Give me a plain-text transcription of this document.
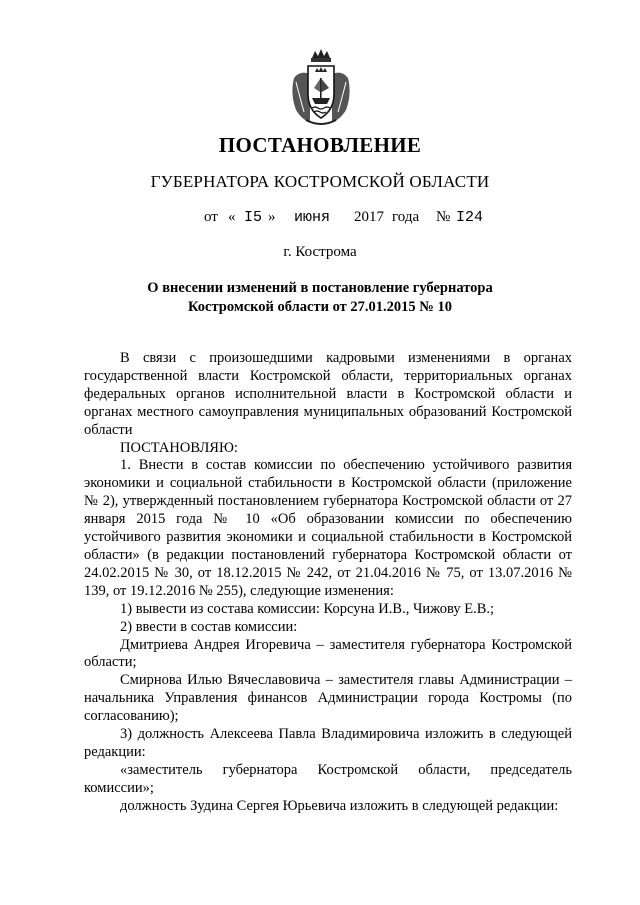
ПОСТАНОВЛЕНИЕ
ГУБЕРНАТОРА КОСТРОМСКОЙ ОБЛАСТИ
от « I5 » июня 2017 года № I24
г. Кострома
О внесении изменений в постановление губернатора
Костромской области от 27.01.2015 № 10

В связи с произошедшими кадровыми изменениями в органах государственной власти Костромской области, территориальных органах федеральных органов исполнительной власти в Костромской области и органах местного самоуправления муниципальных образований Костромской области

ПОСТАНОВЛЯЮ:

1. Внести в состав комиссии по обеспечению устойчивого развития экономики и социальной стабильности в Костромской области (приложение № 2), утвержденный постановлением губернатора Костромской области от 27 января 2015 года № 10 «Об образовании комиссии по обеспечению устойчивого развития экономики и социальной стабильности в Костромской области» (в редакции постановлений губернатора Костромской области от 24.02.2015 № 30, от 18.12.2015 № 242, от 21.04.2016 № 75, от 13.07.2016 № 139, от 19.12.2016 № 255), следующие изменения:

1) вывести из состава комиссии: Корсуна И.В., Чижову Е.В.;

2) ввести в состав комиссии:

Дмитриева Андрея Игоревича – заместителя губернатора Костромской области;

Смирнова Илью Вячеславовича – заместителя главы Администрации – начальника Управления финансов Администрации города Костромы (по согласованию);

3) должность Алексеева Павла Владимировича изложить в следующей редакции:

«заместитель губернатора Костромской области, председатель комиссии»;

должность Зудина Сергея Юрьевича изложить в следующей редакции:
